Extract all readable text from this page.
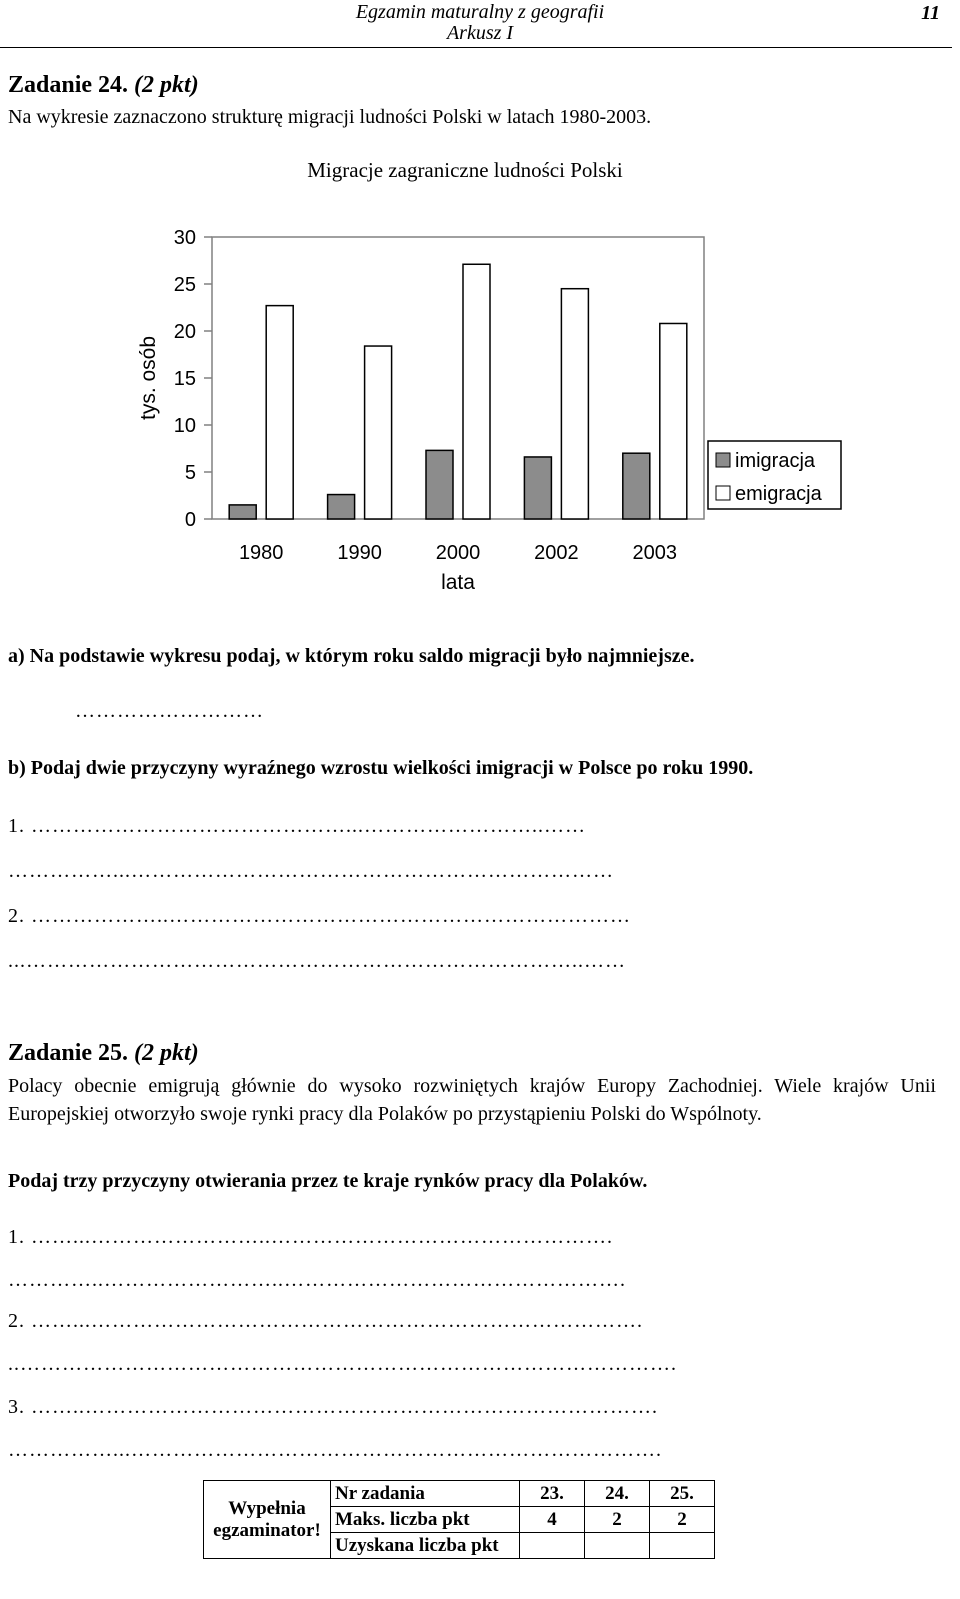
Egzamin maturalny z geografii
Arkusz I
11
Zadanie 24. (2 pkt)
Na wykresie zaznaczono strukturę migracji ludności Polski w latach 1980-2003.
Migracje zagraniczne ludności Polski
tys. osób
0
5
10
15
20
25
30
1980	1990	2000	2002	2003
lata
imigracja
emigracja
a) Na podstawie wykresu podaj, w którym roku saldo migracji było najmniejsze.
………………………
b) Podaj dwie przyczyny wyraźnego wzrostu wielkości imigracji w Polsce po roku 1990.
1. ………………………………………...……………………..……
……………...……………………………………………………………
2. ………………..…………………………………………………………
...……………………………………………………………………..……
Zadanie 25. (2 pkt)
Polacy obecnie emigrują głównie do wysoko rozwiniętych krajów Europy Zachodniej. Wiele krajów Unii Europejskiej otworzyło swoje rynki pracy dla Polaków po przystąpieniu Polski do Wspólnoty.
Podaj trzy przyczyny otwierania przez te kraje rynków pracy dla Polaków.
1. ……...……………………..………………………………………….
…………..……………………..………………………………………….
2. ……...…………………………………………………………………….
..………………………………………………………………………………….
3. ……..……………………………………………………………………….
……………...………………………………………………………………….
Wypełnia
egzaminator!	Nr zadania	23.	24.	25.
	Maks. liczba pkt	4	2	2
	Uzyskana liczba pkt			
